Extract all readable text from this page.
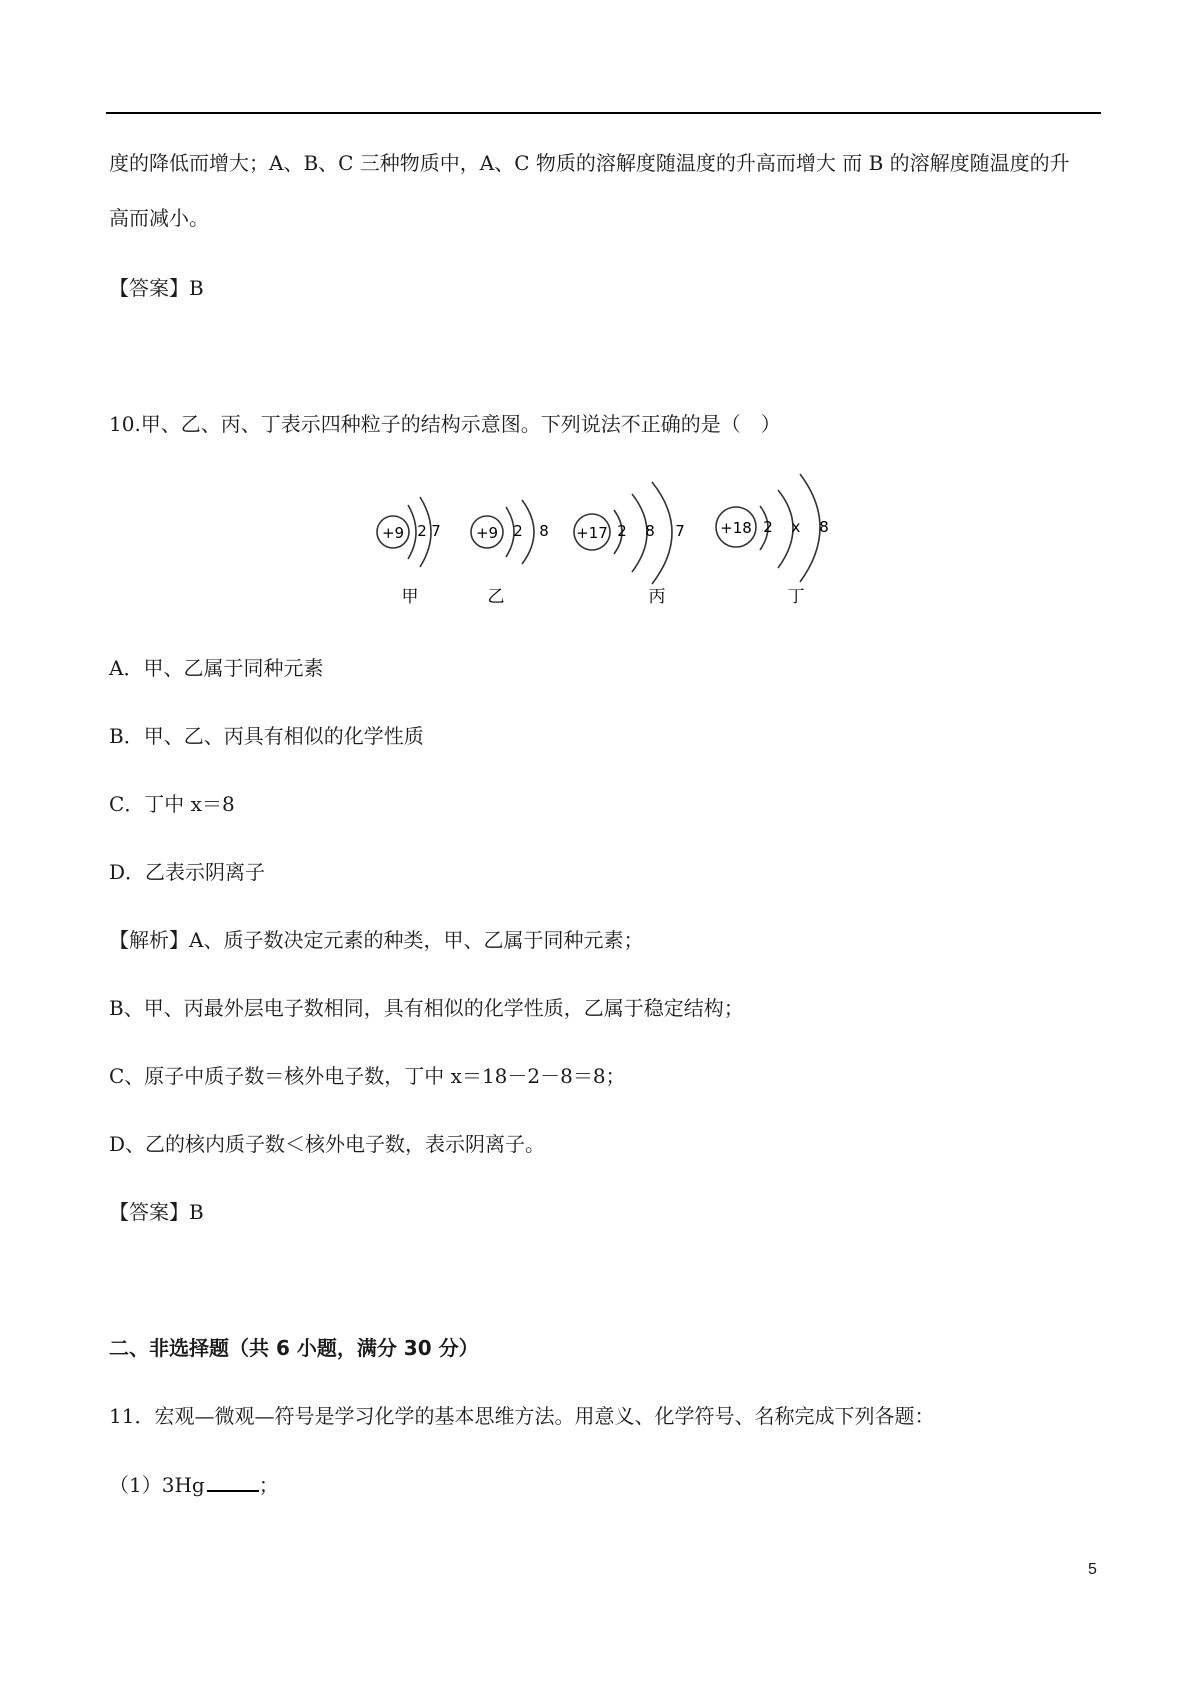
度的降低而增大；A、B、C 三种物质中，A、C 物质的溶解度随温度的升高而增大 而 B 的溶解度随温度的升
高而减小。
【答案】B
10.甲、乙、丙、丁表示四种粒子的结构示意图。下列说法不正确的是（　）
+9 2 7
甲
+9 2 8
乙
+17 2 8 7
丙
+18 2 x 8
丁
A．甲、乙属于同种元素
B．甲、乙、丙具有相似的化学性质
C．丁中 x＝8
D．乙表示阴离子
【解析】A、质子数决定元素的种类，甲、乙属于同种元素；
B、甲、丙最外层电子数相同，具有相似的化学性质，乙属于稳定结构；
C、原子中质子数＝核外电子数，丁中 x＝18－2－8＝8；
D、乙的核内质子数＜核外电子数，表示阴离子。
【答案】B
二、非选择题（共 6 小题，满分 30 分）
11．宏观—微观—符号是学习化学的基本思维方法。用意义、化学符号、名称完成下列各题：
（1）3Hg	；
5
